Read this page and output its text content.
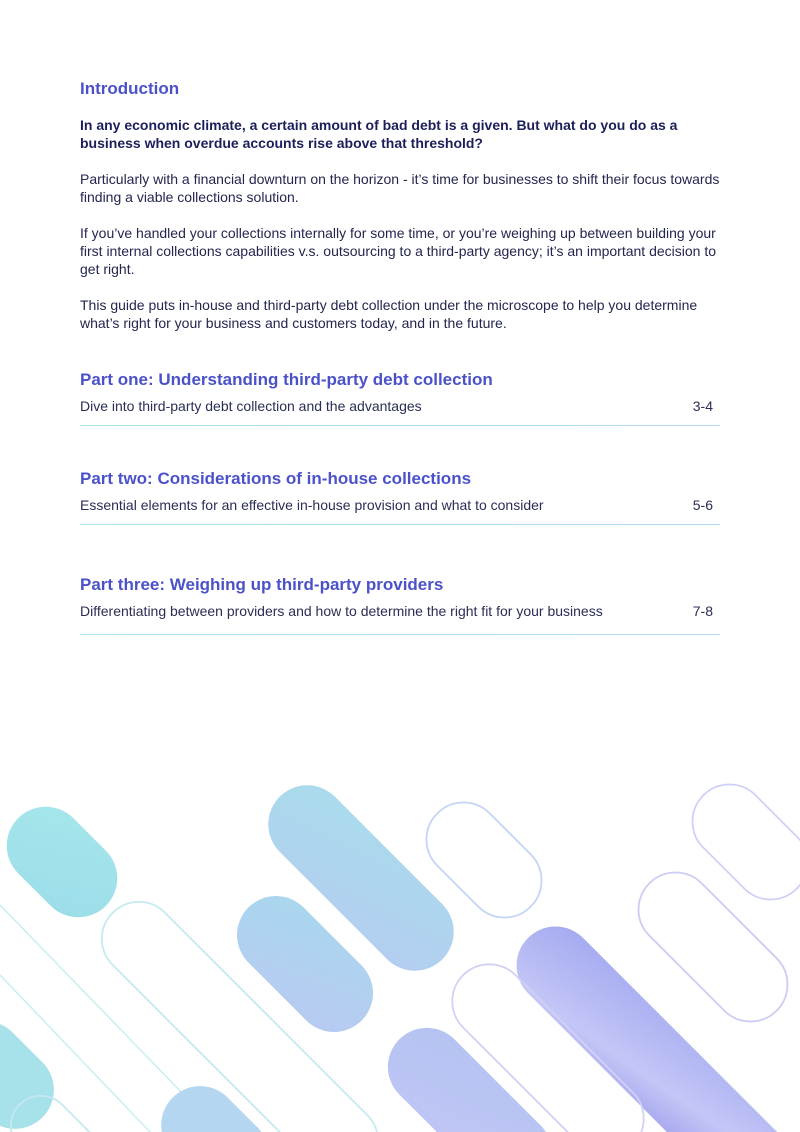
Introduction

In any economic climate, a certain amount of bad debt is a given. But what do you do as a business when overdue accounts rise above that threshold?

Particularly with a financial downturn on the horizon - it’s time for businesses to shift their focus towards finding a viable collections solution.

If you’ve handled your collections internally for some time, or you’re weighing up between building your first internal collections capabilities v.s. outsourcing to a third-party agency; it’s an important decision to get right.

This guide puts in-house and third-party debt collection under the microscope to help you determine what’s right for your business and customers today, and in the future.

Part one: Understanding third-party debt collection
Dive into third-party debt collection and the advantages	3-4
Part two: Considerations of in-house collections
Essential elements for an effective in-house provision and what to consider	5-6
Part three: Weighing up third-party providers
Differentiating between providers and how to determine the right fit for your business	7-8
